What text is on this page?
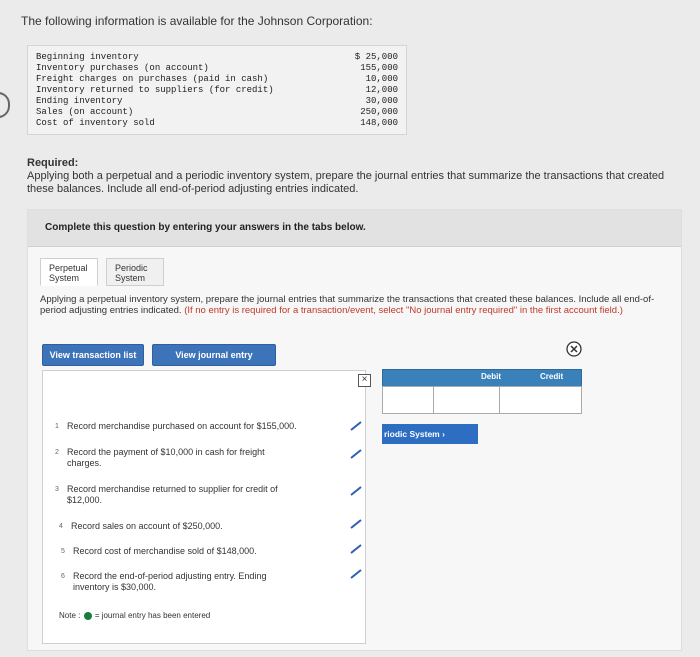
The following information is available for the Johnson Corporation:
Beginning inventory	$ 25,000
Inventory purchases (on account)	155,000
Freight charges on purchases (paid in cash)	10,000
Inventory returned to suppliers (for credit)	12,000
Ending inventory	30,000
Sales (on account)	250,000
Cost of inventory sold	148,000
Required:
Applying both a perpetual and a periodic inventory system, prepare the journal entries that summarize the transactions that created these balances. Include all end-of-period adjusting entries indicated.
Complete this question by entering your answers in the tabs below.
Perpetual
System
Periodic
System
Applying a perpetual inventory system, prepare the journal entries that summarize the transactions that created these balances. Include all end-of-period adjusting entries indicated. (If no entry is required for a transaction/event, select "No journal entry required" in the first account field.)
View transaction list	View journal entry
×
1 Record merchandise purchased on account for $155,000.
2 Record the payment of $10,000 in cash for freight charges.
3 Record merchandise returned to supplier for credit of $12,000.
4 Record sales on account of $250,000.
5 Record cost of merchandise sold of $148,000.
6 Record the end-of-period adjusting entry. Ending inventory is $30,000.
Note : = journal entry has been entered
Debit	Credit
riodic System ›
